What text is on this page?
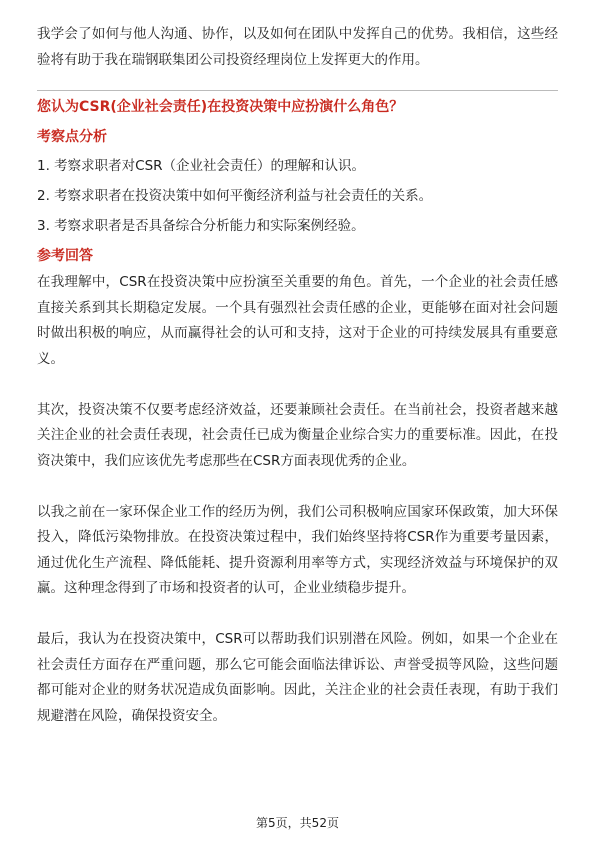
我学会了如何与他人沟通、协作，以及如何在团队中发挥自己的优势。我相信，这些经验将有助于我在瑞钢联集团公司投资经理岗位上发挥更大的作用。

您认为CSR(企业社会责任)在投资决策中应扮演什么角色？
考察点分析
1. 考察求职者对CSR（企业社会责任）的理解和认识。
2. 考察求职者在投资决策中如何平衡经济利益与社会责任的关系。
3. 考察求职者是否具备综合分析能力和实际案例经验。
参考回答

在我理解中，CSR在投资决策中应扮演至关重要的角色。首先，一个企业的社会责任感直接关系到其长期稳定发展。一个具有强烈社会责任感的企业，更能够在面对社会问题时做出积极的响应，从而赢得社会的认可和支持，这对于企业的可持续发展具有重要意义。

其次，投资决策不仅要考虑经济效益，还要兼顾社会责任。在当前社会，投资者越来越关注企业的社会责任表现，社会责任已成为衡量企业综合实力的重要标准。因此，在投资决策中，我们应该优先考虑那些在CSR方面表现优秀的企业。

以我之前在一家环保企业工作的经历为例，我们公司积极响应国家环保政策，加大环保投入，降低污染物排放。在投资决策过程中，我们始终坚持将CSR作为重要考量因素，通过优化生产流程、降低能耗、提升资源利用率等方式，实现经济效益与环境保护的双赢。这种理念得到了市场和投资者的认可，企业业绩稳步提升。

最后，我认为在投资决策中，CSR可以帮助我们识别潜在风险。例如，如果一个企业在社会责任方面存在严重问题，那么它可能会面临法律诉讼、声誉受损等风险，这些问题都可能对企业的财务状况造成负面影响。因此，关注企业的社会责任表现，有助于我们规避潜在风险，确保投资安全。

第5页，共52页
